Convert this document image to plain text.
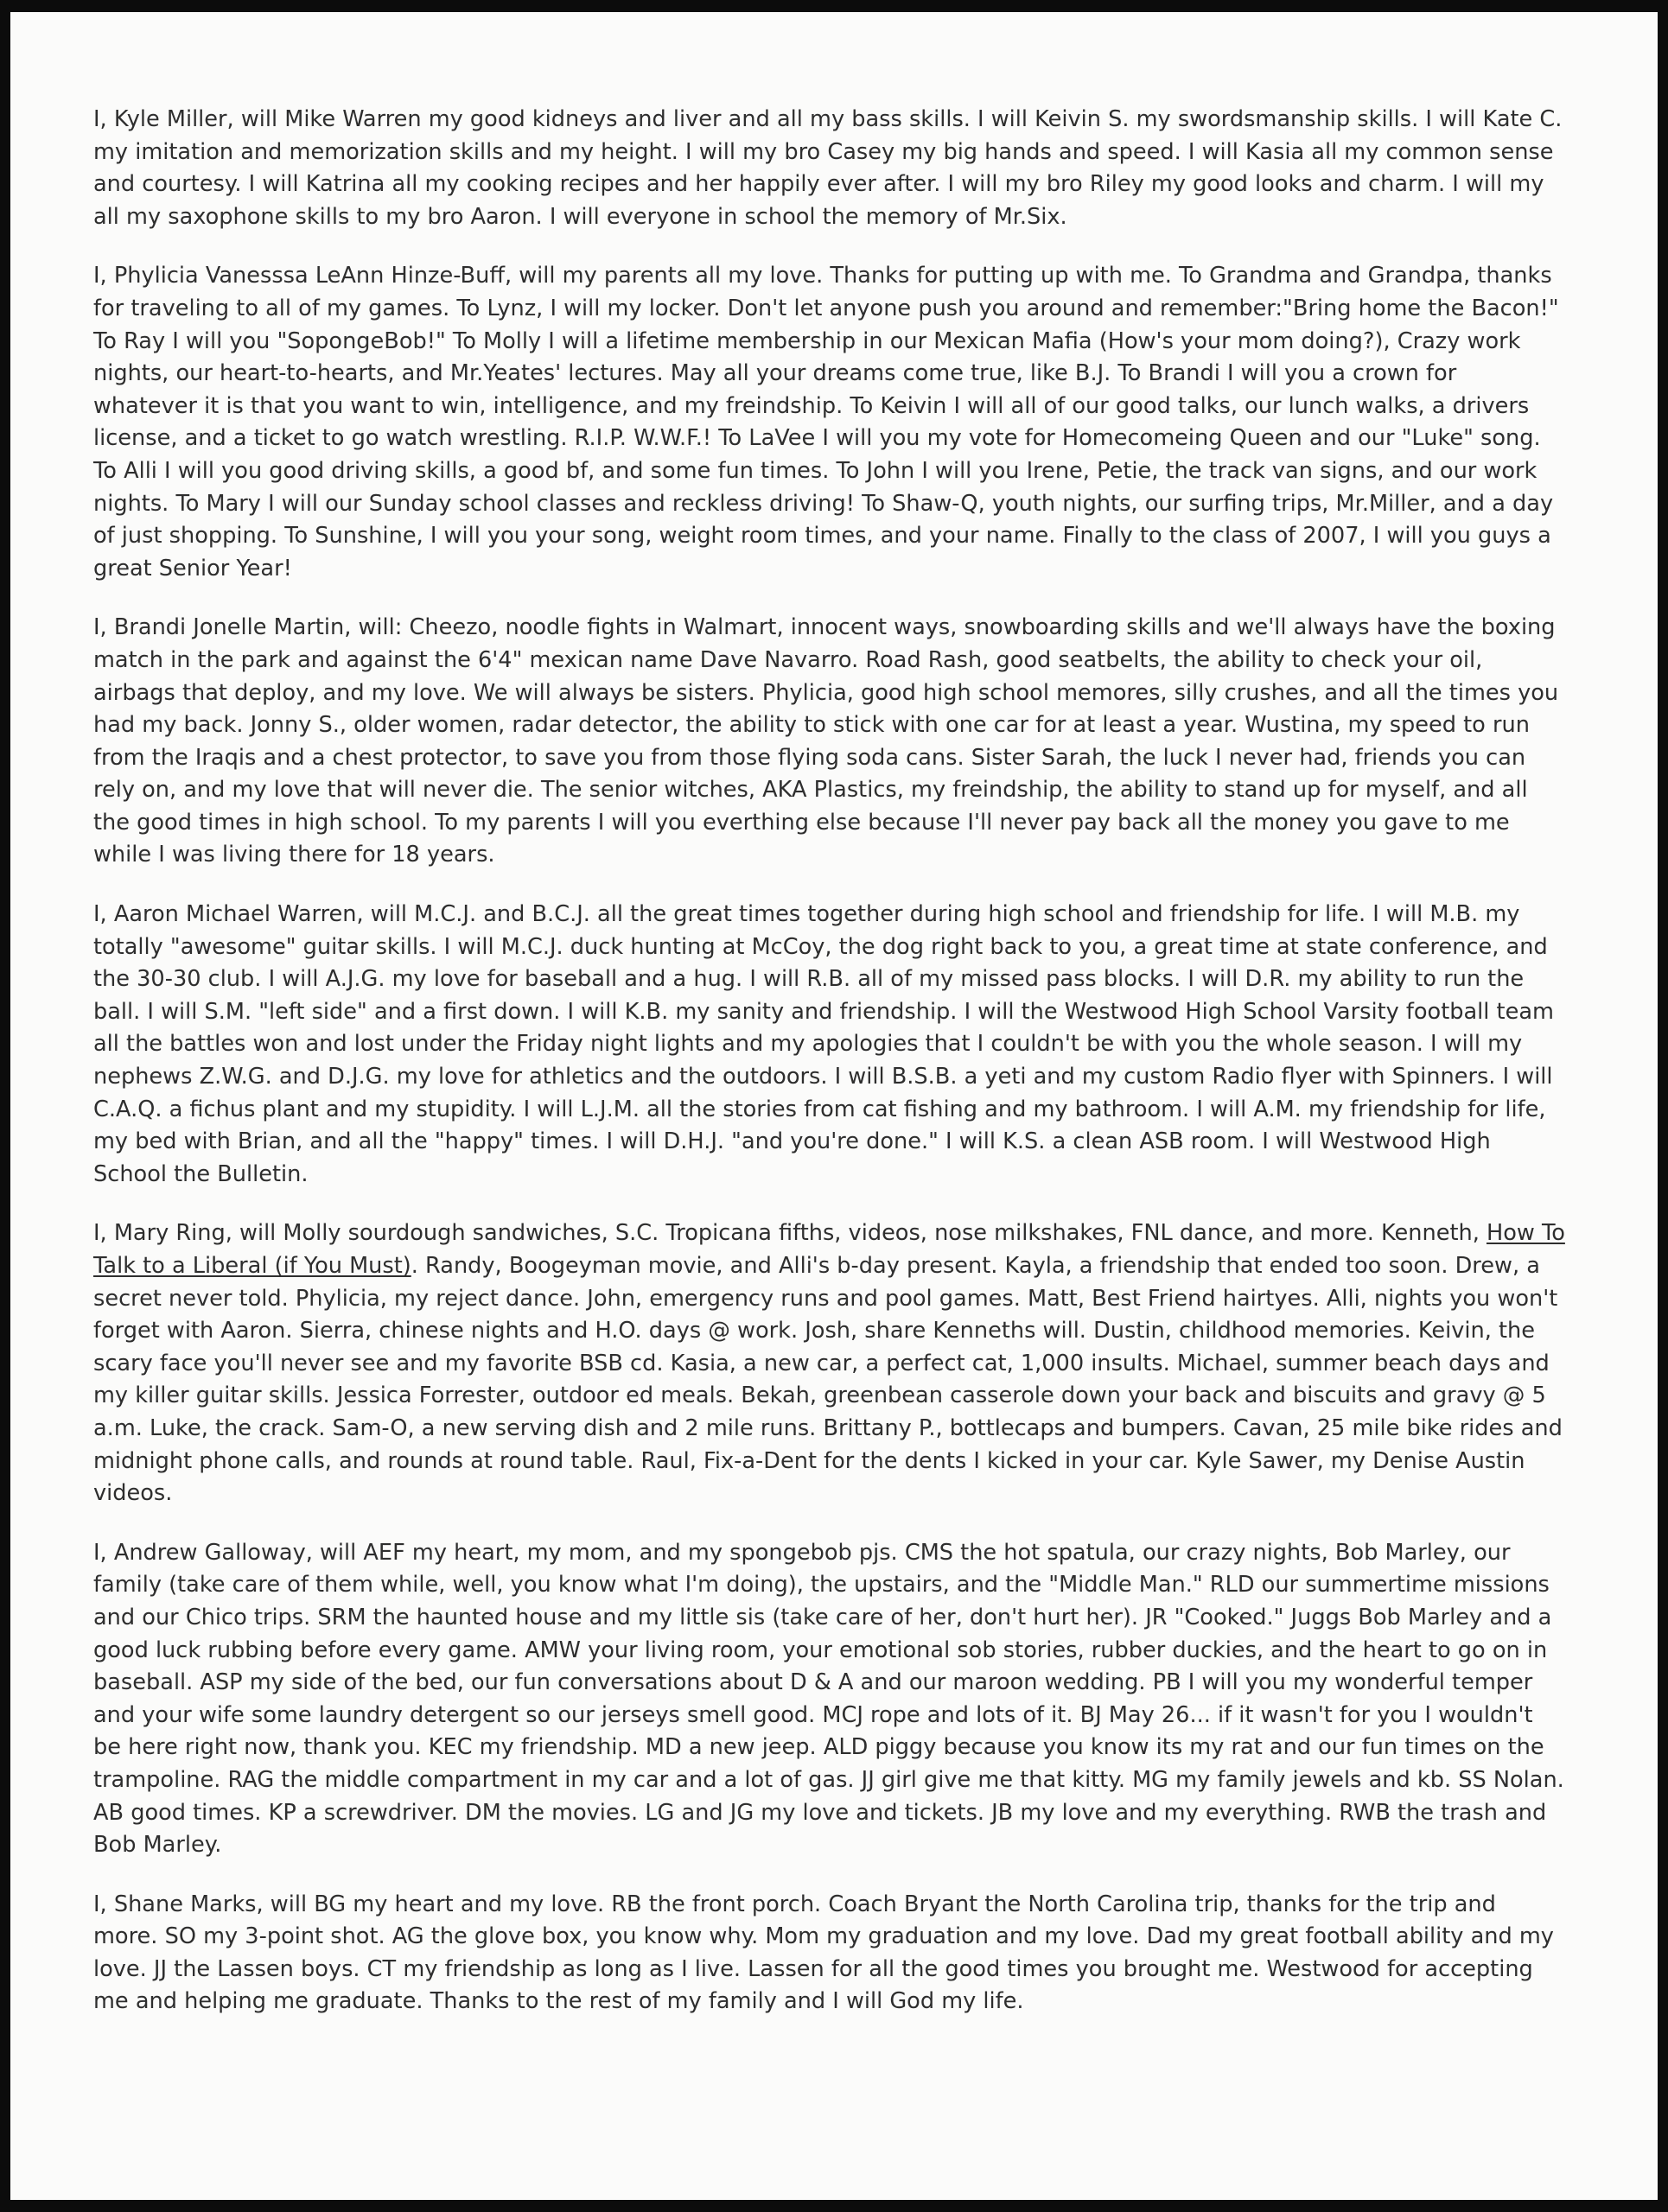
I, Kyle Miller, will Mike Warren my good kidneys and liver and all my bass skills. I will Keivin S. my swordsmanship skills. I will Kate C. my imitation and memorization skills and my height. I will my bro Casey my big hands and speed. I will Kasia all my common sense and courtesy. I will Katrina all my cooking recipes and her happily ever after. I will my bro Riley my good looks and charm. I will my all my saxophone skills to my bro Aaron. I will everyone in school the memory of Mr.Six.

I, Phylicia Vanesssa LeAnn Hinze-Buff, will my parents all my love. Thanks for putting up with me. To Grandma and Grandpa, thanks for traveling to all of my games. To Lynz, I will my locker. Don't let anyone push you around and remember:"Bring home the Bacon!" To Ray I will you "SopongeBob!" To Molly I will a lifetime membership in our Mexican Mafia (How's your mom doing?), Crazy work nights, our heart-to-hearts, and Mr.Yeates' lectures. May all your dreams come true, like B.J. To Brandi I will you a crown for whatever it is that you want to win, intelligence, and my freindship. To Keivin I will all of our good talks, our lunch walks, a drivers license, and a ticket to go watch wrestling. R.I.P. W.W.F.! To LaVee I will you my vote for Homecomeing Queen and our "Luke" song. To Alli I will you good driving skills, a good bf, and some fun times. To John I will you Irene, Petie, the track van signs, and our work nights. To Mary I will our Sunday school classes and reckless driving! To Shaw-Q, youth nights, our surfing trips, Mr.Miller, and a day of just shopping. To Sunshine, I will you your song, weight room times, and your name. Finally to the class of 2007, I will you guys a great Senior Year!

I, Brandi Jonelle Martin, will: Cheezo, noodle fights in Walmart, innocent ways, snowboarding skills and we'll always have the boxing match in the park and against the 6'4" mexican name Dave Navarro. Road Rash, good seatbelts, the ability to check your oil, airbags that deploy, and my love. We will always be sisters. Phylicia, good high school memores, silly crushes, and all the times you had my back. Jonny S., older women, radar detector, the ability to stick with one car for at least a year. Wustina, my speed to run from the Iraqis and a chest protector, to save you from those flying soda cans. Sister Sarah, the luck I never had, friends you can rely on, and my love that will never die. The senior witches, AKA Plastics, my freindship, the ability to stand up for myself, and all the good times in high school. To my parents I will you everthing else because I'll never pay back all the money you gave to me while I was living there for 18 years.

I, Aaron Michael Warren, will M.C.J. and B.C.J. all the great times together during high school and friendship for life. I will M.B. my totally "awesome" guitar skills. I will M.C.J. duck hunting at McCoy, the dog right back to you, a great time at state conference, and the 30-30 club. I will A.J.G. my love for baseball and a hug. I will R.B. all of my missed pass blocks. I will D.R. my ability to run the ball. I will S.M. "left side" and a first down. I will K.B. my sanity and friendship. I will the Westwood High School Varsity football team all the battles won and lost under the Friday night lights and my apologies that I couldn't be with you the whole season. I will my nephews Z.W.G. and D.J.G. my love for athletics and the outdoors. I will B.S.B. a yeti and my custom Radio flyer with Spinners. I will C.A.Q. a fichus plant and my stupidity. I will L.J.M. all the stories from cat fishing and my bathroom. I will A.M. my friendship for life, my bed with Brian, and all the "happy" times. I will D.H.J. "and you're done." I will K.S. a clean ASB room. I will Westwood High School the Bulletin.

I, Mary Ring, will Molly sourdough sandwiches, S.C. Tropicana fifths, videos, nose milkshakes, FNL dance, and more. Kenneth, How To Talk to a Liberal (if You Must). Randy, Boogeyman movie, and Alli's b-day present. Kayla, a friendship that ended too soon. Drew, a secret never told. Phylicia, my reject dance. John, emergency runs and pool games. Matt, Best Friend hairtyes. Alli, nights you won't forget with Aaron. Sierra, chinese nights and H.O. days @ work. Josh, share Kenneths will. Dustin, childhood memories. Keivin, the scary face you'll never see and my favorite BSB cd. Kasia, a new car, a perfect cat, 1,000 insults. Michael, summer beach days and my killer guitar skills. Jessica Forrester, outdoor ed meals. Bekah, greenbean casserole down your back and biscuits and gravy @ 5 a.m. Luke, the crack. Sam-O, a new serving dish and 2 mile runs. Brittany P., bottlecaps and bumpers. Cavan, 25 mile bike rides and midnight phone calls, and rounds at round table. Raul, Fix-a-Dent for the dents I kicked in your car. Kyle Sawer, my Denise Austin videos.

I, Andrew Galloway, will AEF my heart, my mom, and my spongebob pjs. CMS the hot spatula, our crazy nights, Bob Marley, our family (take care of them while, well, you know what I'm doing), the upstairs, and the "Middle Man." RLD our summertime missions and our Chico trips. SRM the haunted house and my little sis (take care of her, don't hurt her). JR "Cooked." Juggs Bob Marley and a good luck rubbing before every game. AMW your living room, your emotional sob stories, rubber duckies, and the heart to go on in baseball. ASP my side of the bed, our fun conversations about D & A and our maroon wedding. PB I will you my wonderful temper and your wife some laundry detergent so our jerseys smell good. MCJ rope and lots of it. BJ May 26... if it wasn't for you I wouldn't be here right now, thank you. KEC my friendship. MD a new jeep. ALD piggy because you know its my rat and our fun times on the trampoline. RAG the middle compartment in my car and a lot of gas. JJ girl give me that kitty. MG my family jewels and kb. SS Nolan. AB good times. KP a screwdriver. DM the movies. LG and JG my love and tickets. JB my love and my everything. RWB the trash and Bob Marley.

I, Shane Marks, will BG my heart and my love. RB the front porch. Coach Bryant the North Carolina trip, thanks for the trip and more. SO my 3-point shot. AG the glove box, you know why. Mom my graduation and my love. Dad my great football ability and my love. JJ the Lassen boys. CT my friendship as long as I live. Lassen for all the good times you brought me. Westwood for accepting me and helping me graduate. Thanks to the rest of my family and I will God my life.
